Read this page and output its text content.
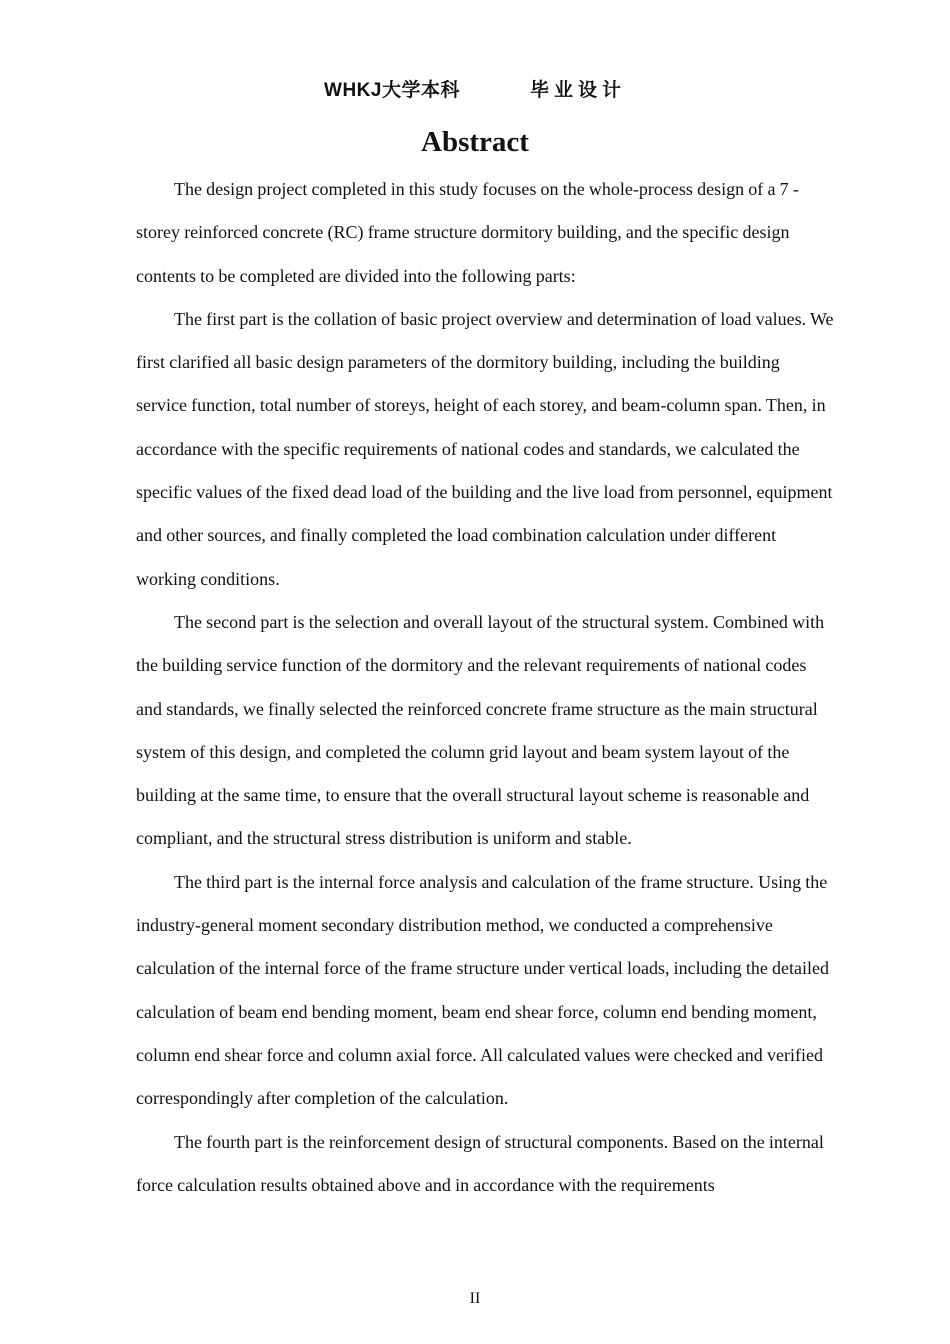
WHKJ大学本科	毕业设计
Abstract

The design project completed in this study focuses on the whole-process design of a 7 -storey reinforced concrete (RC) frame structure dormitory building, and the specific design contents to be completed are divided into the following parts:

The first part is the collation of basic project overview and determination of load values. We first clarified all basic design parameters of the dormitory building, including the building service function, total number of storeys, height of each storey, and beam-column span. Then, in accordance with the specific requirements of national codes and standards, we calculated the specific values of the fixed dead load of the building and the live load from personnel, equipment and other sources, and finally completed the load combination calculation under different working conditions.

The second part is the selection and overall layout of the structural system. Combined with the building service function of the dormitory and the relevant requirements of national codes and standards, we finally selected the reinforced concrete frame structure as the main structural system of this design, and completed the column grid layout and beam system layout of the building at the same time, to ensure that the overall structural layout scheme is reasonable and compliant, and the structural stress distribution is uniform and stable.

The third part is the internal force analysis and calculation of the frame structure. Using the industry-general moment secondary distribution method, we conducted a comprehensive calculation of the internal force of the frame structure under vertical loads, including the detailed calculation of beam end bending moment, beam end shear force, column end bending moment, column end shear force and column axial force. All calculated values were checked and verified correspondingly after completion of the calculation.

The fourth part is the reinforcement design of structural components. Based on the internal force calculation results obtained above and in accordance with the requirements

II
